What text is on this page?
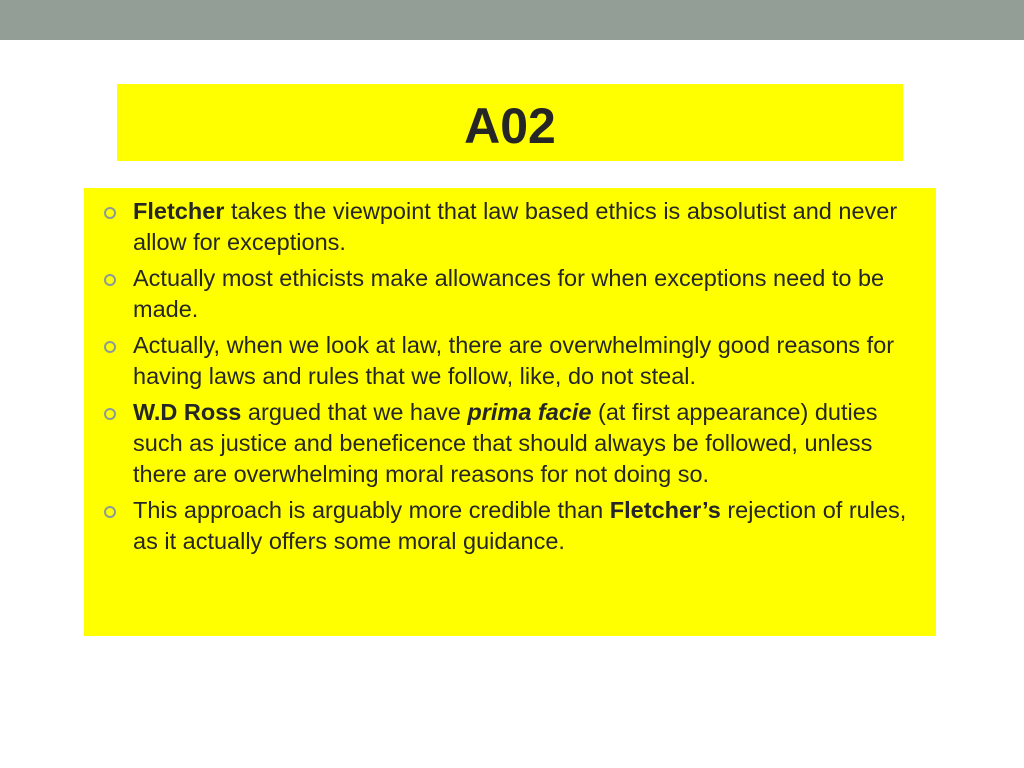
A02
Fletcher takes the viewpoint that law based ethics is absolutist and never allow for exceptions.
Actually most ethicists make allowances for when exceptions need to be made.
Actually, when we look at law, there are overwhelmingly good reasons for having laws and rules that we follow, like, do not steal.
W.D Ross argued that we have prima facie (at first appearance) duties such as justice and beneficence that should always be followed, unless there are overwhelming moral reasons for not doing so.
This approach is arguably more credible than Fletcher’s rejection of rules, as it actually offers some moral guidance.
